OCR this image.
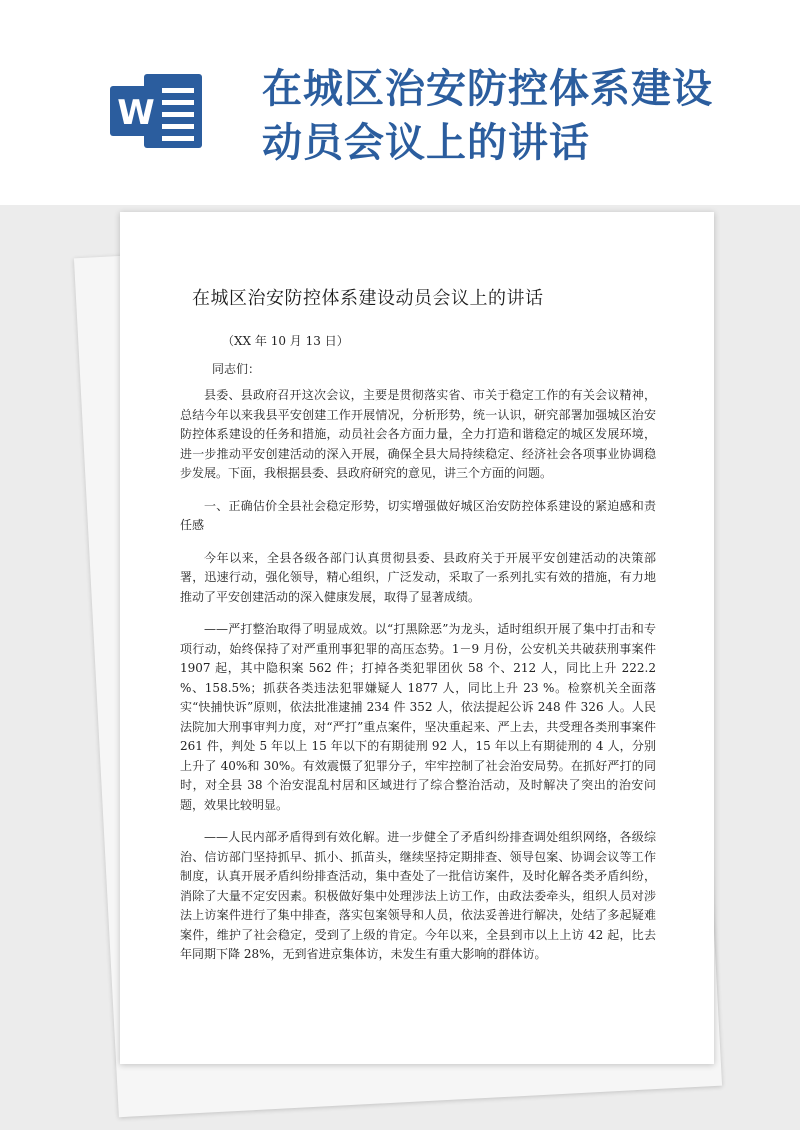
W
在城区治安防控体系建设动员会议上的讲话
在城区治安防控体系建设动员会议上的讲话

（XX 年 10 月 13 日）

同志们：

县委、县政府召开这次会议，主要是贯彻落实省、市关于稳定工作的有关会议精神，总结今年以来我县平安创建工作开展情况，分析形势，统一认识，研究部署加强城区治安防控体系建设的任务和措施，动员社会各方面力量，全力打造和谐稳定的城区发展环境，进一步推动平安创建活动的深入开展，确保全县大局持续稳定、经济社会各项事业协调稳步发展。下面，我根据县委、县政府研究的意见，讲三个方面的问题。

一、正确估价全县社会稳定形势，切实增强做好城区治安防控体系建设的紧迫感和责任感

今年以来，全县各级各部门认真贯彻县委、县政府关于开展平安创建活动的决策部署，迅速行动，强化领导，精心组织，广泛发动，采取了一系列扎实有效的措施，有力地推动了平安创建活动的深入健康发展，取得了显著成绩。

——严打整治取得了明显成效。以“打黑除恶”为龙头，适时组织开展了集中打击和专项行动，始终保持了对严重刑事犯罪的高压态势。1－9 月份，公安机关共破获刑事案件 1907 起，其中隐积案 562 件；打掉各类犯罪团伙 58 个、212 人，同比上升 222.2 %、158.5%；抓获各类违法犯罪嫌疑人 1877 人，同比上升 23 %。检察机关全面落实“快捕快诉”原则，依法批准逮捕 234 件 352 人，依法提起公诉 248 件 326 人。人民法院加大刑事审判力度，对“严打”重点案件，坚决重起来、严上去，共受理各类刑事案件 261 件，判处 5 年以上 15 年以下的有期徒刑 92 人，15 年以上有期徒刑的 4 人，分别上升了 40%和 30%。有效震慑了犯罪分子，牢牢控制了社会治安局势。在抓好严打的同时，对全县 38 个治安混乱村居和区域进行了综合整治活动，及时解决了突出的治安问题，效果比较明显。

——人民内部矛盾得到有效化解。进一步健全了矛盾纠纷排查调处组织网络，各级综治、信访部门坚持抓早、抓小、抓苗头，继续坚持定期排查、领导包案、协调会议等工作制度，认真开展矛盾纠纷排查活动，集中查处了一批信访案件，及时化解各类矛盾纠纷，消除了大量不定安因素。积极做好集中处理涉法上访工作，由政法委牵头，组织人员对涉法上访案件进行了集中排查，落实包案领导和人员，依法妥善进行解决，处结了多起疑难案件，维护了社会稳定，受到了上级的肯定。今年以来，全县到市以上上访 42 起，比去年同期下降 28%，无到省进京集体访，未发生有重大影响的群体访。
